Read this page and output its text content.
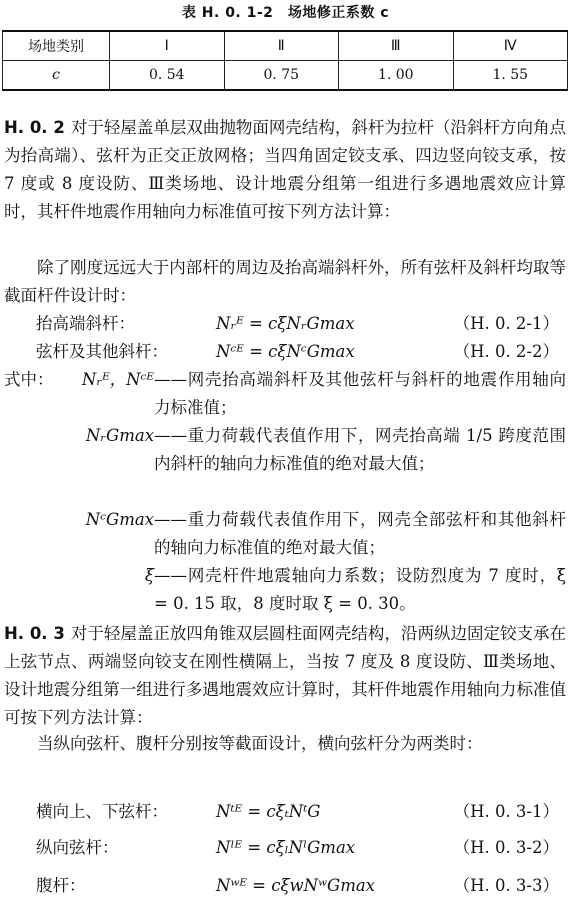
表 H. 0. 1-2　场地修正系数 c
场地类别	Ⅰ	Ⅱ	Ⅲ	Ⅳ
c	0. 54	0. 75	1. 00	1. 55
H. 0. 2 对于轻屋盖单层双曲抛物面网壳结构，斜杆为拉杆（沿斜杆方向角点为抬高端）、弦杆为正交正放网格；当四角固定铰支承、四边竖向铰支承，按 7 度或 8 度设防、Ⅲ类场地、设计地震分组第一组进行多遇地震效应计算时，其杆件地震作用轴向力标准值可按下列方法计算：
除了刚度远远大于内部杆的周边及抬高端斜杆外，所有弦杆及斜杆均取等截面杆件设计时：
抬高端斜杆：	Nᵣᴱ = cξNᵣGmax	（H. 0. 2-1）
弦杆及其他斜杆：	Nᶜᴱ = cξNᶜGmax	（H. 0. 2-2）
式中：	Nᵣᴱ，Nᶜᴱ ——网壳抬高端斜杆及其他弦杆与斜杆的地震作用轴向力标准值；
NᵣGmax ——重力荷载代表值作用下，网壳抬高端 1/5 跨度范围内斜杆的轴向力标准值的绝对最大值；
NᶜGmax ——重力荷载代表值作用下，网壳全部弦杆和其他斜杆的轴向力标准值的绝对最大值；
ξ ——网壳杆件地震轴向力系数；设防烈度为 7 度时，ξ = 0. 15 取，8 度时取 ξ = 0. 30。
H. 0. 3 对于轻屋盖正放四角锥双层圆柱面网壳结构，沿两纵边固定铰支承在上弦节点、两端竖向铰支在刚性横隔上，当按 7 度及 8 度设防、Ⅲ类场地、设计地震分组第一组进行多遇地震效应计算时，其杆件地震作用轴向力标准值可按下列方法计算：
当纵向弦杆、腹杆分别按等截面设计，横向弦杆分为两类时：
横向上、下弦杆：	Nᵗᴱ = cξₜNᵗG	（H. 0. 3-1）
纵向弦杆：	Nˡᴱ = cξₗNˡGmax	（H. 0. 3-2）
腹杆：	Nʷᴱ = cξwNʷGmax	（H. 0. 3-3）
